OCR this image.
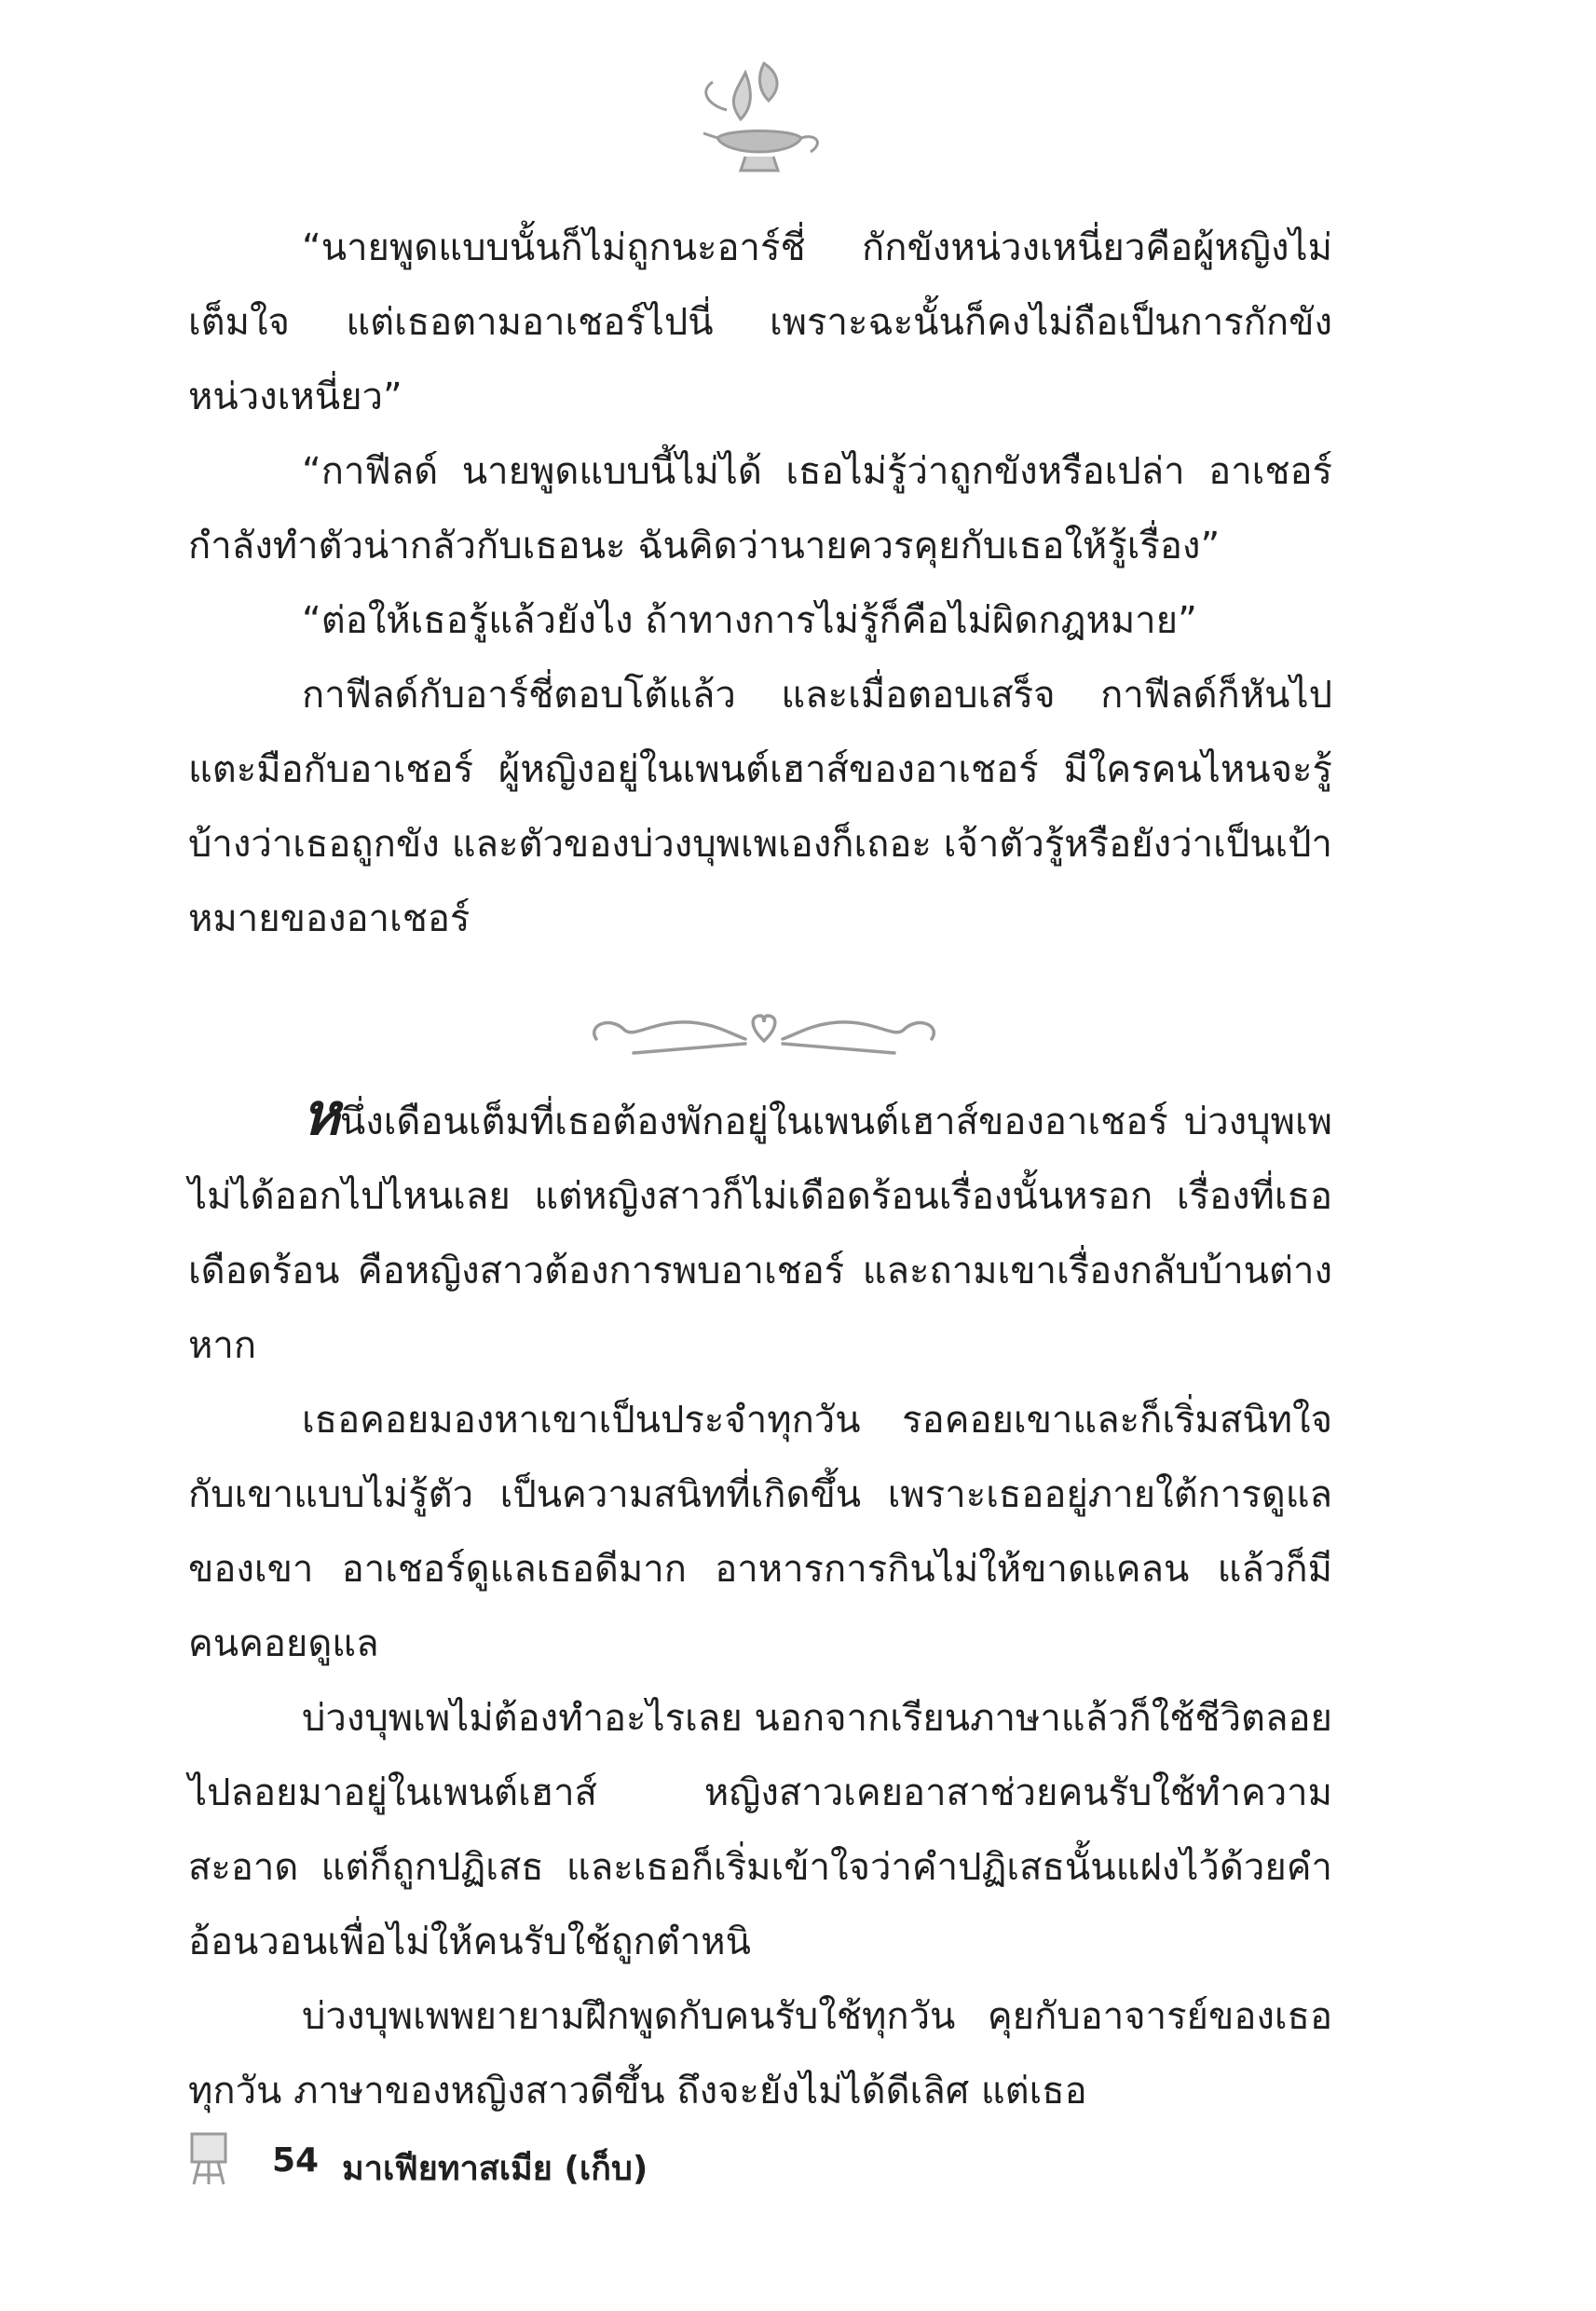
“นายพูดแบบนั้นก็ไม่ถูกนะอาร์ชี่ กักขังหน่วงเหนี่ยวคือผู้หญิงไม่เต็มใจ แต่เธอตามอาเชอร์ไปนี่ เพราะฉะนั้นก็คงไม่ถือเป็นการกักขังหน่วงเหนี่ยว”

“กาฟีลด์ นายพูดแบบนี้ไม่ได้ เธอไม่รู้ว่าถูกขังหรือเปล่า อาเชอร์กำลังทำตัวน่ากลัวกับเธอนะ ฉันคิดว่านายควรคุยกับเธอให้รู้เรื่อง”

“ต่อให้เธอรู้แล้วยังไง ถ้าทางการไม่รู้ก็คือไม่ผิดกฎหมาย”

กาฟีลด์กับอาร์ชี่ตอบโต้แล้ว และเมื่อตอบเสร็จ กาฟีลด์ก็หันไปแตะมือกับอาเชอร์ ผู้หญิงอยู่ในเพนต์เฮาส์ของอาเชอร์ มีใครคนไหนจะรู้บ้างว่าเธอถูกขัง และตัวของบ่วงบุพเพเองก็เถอะ เจ้าตัวรู้หรือยังว่าเป็นเป้าหมายของอาเชอร์

หนึ่งเดือนเต็มที่เธอต้องพักอยู่ในเพนต์เฮาส์ของอาเชอร์ บ่วงบุพเพไม่ได้ออกไปไหนเลย แต่หญิงสาวก็ไม่เดือดร้อนเรื่องนั้นหรอก เรื่องที่เธอเดือดร้อน คือหญิงสาวต้องการพบอาเชอร์ และถามเขาเรื่องกลับบ้านต่างหาก

เธอคอยมองหาเขาเป็นประจำทุกวัน รอคอยเขาและก็เริ่มสนิทใจกับเขาแบบไม่รู้ตัว เป็นความสนิทที่เกิดขึ้น เพราะเธออยู่ภายใต้การดูแลของเขา อาเชอร์ดูแลเธอดีมาก อาหารการกินไม่ให้ขาดแคลน แล้วก็มีคนคอยดูแล

บ่วงบุพเพไม่ต้องทำอะไรเลย นอกจากเรียนภาษาแล้วก็ใช้ชีวิตลอยไปลอยมาอยู่ในเพนต์เฮาส์ หญิงสาวเคยอาสาช่วยคนรับใช้ทำความสะอาด แต่ก็ถูกปฏิเสธ และเธอก็เริ่มเข้าใจว่าคำปฏิเสธนั้นแฝงไว้ด้วยคำอ้อนวอนเพื่อไม่ให้คนรับใช้ถูกตำหนิ

บ่วงบุพเพพยายามฝึกพูดกับคนรับใช้ทุกวัน คุยกับอาจารย์ของเธอทุกวัน ภาษาของหญิงสาวดีขึ้น ถึงจะยังไม่ได้ดีเลิศ แต่เธอ

54 มาเฟียทาสเมีย (เก็บ)
